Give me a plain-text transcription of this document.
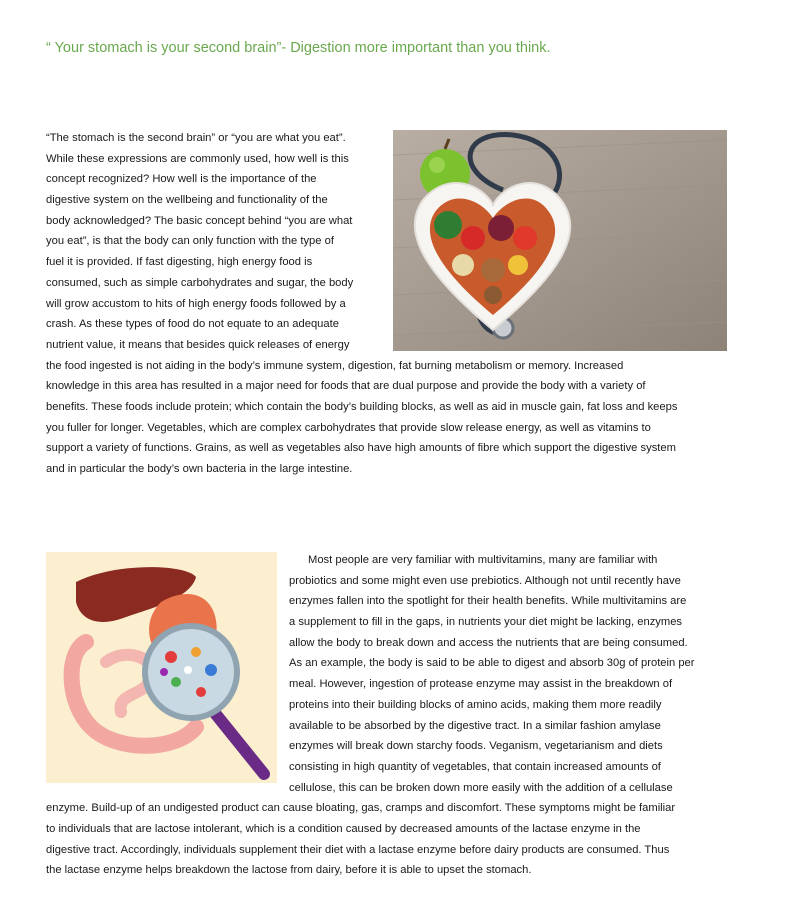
“ Your stomach is your second brain”- Digestion more important than you think.
“The stomach is the second brain” or “you are what you eat”.
While these expressions are commonly used, how well is this
concept recognized? How well is the importance of the
digestive system on the wellbeing and functionality of the
body acknowledged? The basic concept behind “you are what
you eat”, is that the body can only function with the type of
fuel it is provided. If fast digesting, high energy food is
consumed, such as simple carbohydrates and sugar, the body
will grow accustom to hits of high energy foods followed by a
crash. As these types of food do not equate to an adequate
nutrient value, it means that besides quick releases of energy
the food ingested is not aiding in the body’s immune system, digestion, fat burning metabolism or memory. Increased
knowledge in this area has resulted in a major need for foods that are dual purpose and provide the body with a variety of
benefits. These foods include protein; which contain the body’s building blocks, as well as aid in muscle gain, fat loss and keeps
you fuller for longer. Vegetables, which are complex carbohydrates that provide slow release energy, as well as vitamins to
support a variety of functions. Grains, as well as vegetables also have high amounts of fibre which support the digestive system
and in particular the body’s own bacteria in the large intestine.
Most people are very familiar with multivitamins, many are familiar with
probiotics and some might even use prebiotics. Although not until recently have
enzymes fallen into the spotlight for their health benefits. While multivitamins are
a supplement to fill in the gaps, in nutrients your diet might be lacking, enzymes
allow the body to break down and access the nutrients that are being consumed.
As an example, the body is said to be able to digest and absorb 30g of protein per
meal. However, ingestion of protease enzyme may assist in the breakdown of
proteins into their building blocks of amino acids, making them more readily
available to be absorbed by the digestive tract. In a similar fashion amylase
enzymes will break down starchy foods. Veganism, vegetarianism and diets
consisting in high quantity of vegetables, that contain increased amounts of
cellulose, this can be broken down more easily with the addition of a cellulase
enzyme. Build-up of an undigested product can cause bloating, gas, cramps and discomfort. These symptoms might be familiar
to individuals that are lactose intolerant, which is a condition caused by decreased amounts of the lactase enzyme in the
digestive tract. Accordingly, individuals supplement their diet with a lactase enzyme before dairy products are consumed. Thus
the lactase enzyme helps breakdown the lactose from dairy, before it is able to upset the stomach.
